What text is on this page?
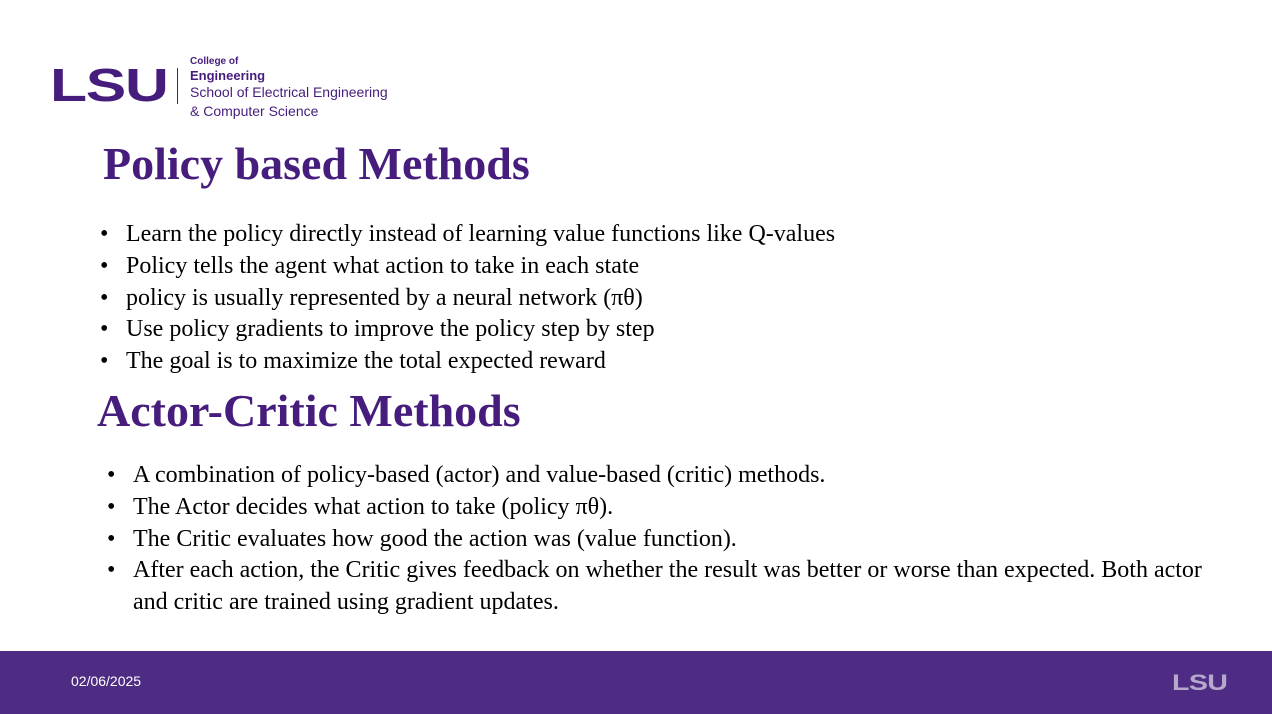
LSU College of
Engineering
School of Electrical Engineering
& Computer Science
Policy based Methods
• Learn the policy directly instead of learning value functions like Q-values
• Policy tells the agent what action to take in each state
• policy is usually represented by a neural network (πθ)
• Use policy gradients to improve the policy step by step
• The goal is to maximize the total expected reward
Actor-Critic Methods
• A combination of policy-based (actor) and value-based (critic) methods.
• The Actor decides what action to take (policy πθ).
• The Critic evaluates how good the action was (value function).
• After each action, the Critic gives feedback on whether the result was better or worse than expected. Both actor and critic are trained using gradient updates.
02/06/2025	LSU
